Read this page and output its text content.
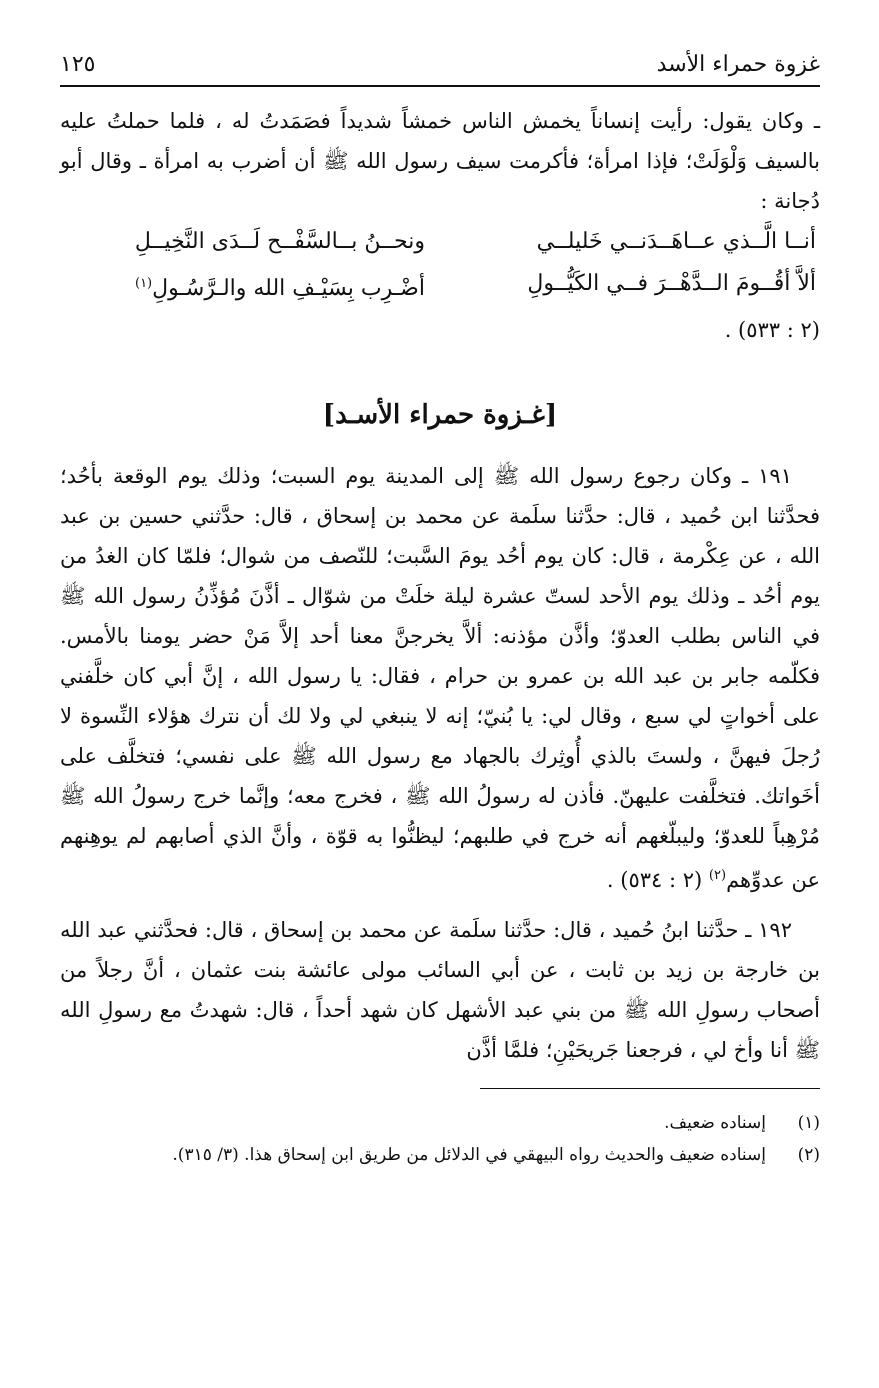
غزوة حمراء الأسد
١٢٥

ـ وكان يقول: رأيت إنساناً يخمش الناس خمشاً شديداً فصَمَدتُ له ، فلما حملتُ عليه بالسيف وَلْوَلَتْ؛ فإذا امرأة؛ فأكرمت سيف رسول الله ﷺ أن أضرب به امرأة ـ وقال أبو دُجانة :

أنــا الَّــذي عــاهَــدَنــي خَليلــي
ونحــنُ بــالسَّفْــح لَــدَى النَّخِيــلِ
ألاَّ أقُــومَ الــدَّهْــرَ فــي الكَيُّــولِ
أضْـرِب بِسَيْـفِ الله والـرَّسُـولِ$^{(١)}$

(٢ : ٥٣٣) .

[غـزوة حمراء الأسـد]

١٩١ ـ وكان رجوع رسول الله ﷺ إلى المدينة يوم السبت؛ وذلك يوم الوقعة بأحُد؛ فحدَّثنا ابن حُميد ، قال: حدَّثنا سلَمة عن محمد بن إسحاق ، قال: حدَّثني حسين بن عبد الله ، عن عِكْرمة ، قال: كان يوم أحُد يومَ السَّبت؛ للنّصف من شوال؛ فلمّا كان الغدُ من يوم أحُد ـ وذلك يوم الأحد لستّ عشرة ليلة خلَتْ من شوّال ـ أذَّنَ مُؤذِّنُ رسول الله ﷺ في الناس بطلب العدوّ؛ وأذَّن مؤذنه: ألاَّ يخرجنَّ معنا أحد إلاَّ مَنْ حضر يومنا بالأمس. فكلّمه جابر بن عبد الله بن عمرو بن حرام ، فقال: يا رسول الله ، إنَّ أبي كان خلَّفني على أخواتٍ لي سبع ، وقال لي: يا بُنيّ؛ إنه لا ينبغي لي ولا لك أن نترك هؤلاء النِّسوة لا رُجلَ فيهنَّ ، ولستَ بالذي أُوثِرك بالجهاد مع رسول الله ﷺ على نفسي؛ فتخلَّف على أخَواتك. فتخلَّفت عليهنّ. فأذن له رسولُ الله ﷺ ، فخرج معه؛ وإنَّما خرج رسولُ الله ﷺ مُرْهِباً للعدوّ؛ وليبلّغهم أنه خرج في طلبهم؛ ليظنُّوا به قوّة ، وأنَّ الذي أصابهم لم يوهِنهم عن عدوِّهم$^{(٢)}$ (٢ : ٥٣٤) .

١٩٢ ـ حدَّثنا ابنُ حُميد ، قال: حدَّثنا سلَمة عن محمد بن إسحاق ، قال: فحدَّثني عبد الله بن خارجة بن زيد بن ثابت ، عن أبي السائب مولى عائشة بنت عثمان ، أنَّ رجلاً من أصحاب رسولِ الله ﷺ من بني عبد الأشهل كان شهد أحداً ، قال: شهدتُ مع رسولِ الله ﷺ أنا وأخ لي ، فرجعنا جَريحَيْنِ؛ فلمَّا أذَّن

(١)
إسناده ضعيف.
(٢)
إسناده ضعيف والحديث رواه البيهقي في الدلائل من طريق ابن إسحاق هذا. (٣/ ٣١٥).
